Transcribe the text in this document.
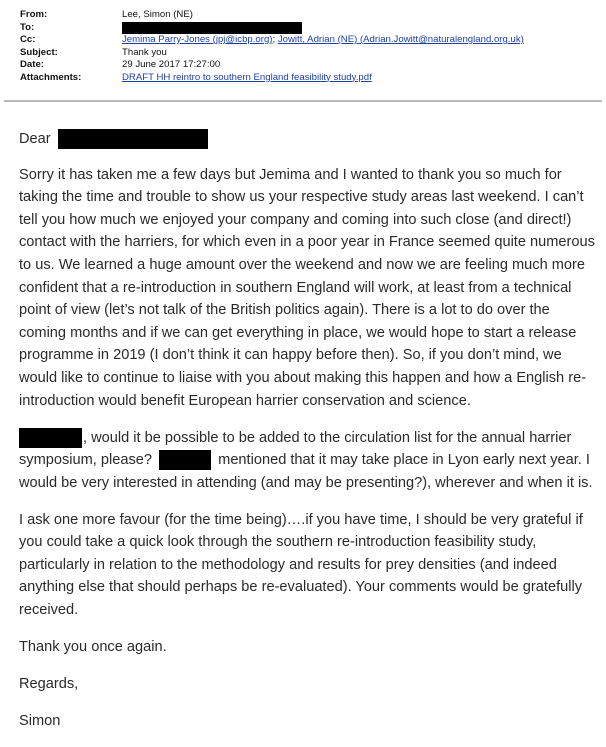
From:	Lee, Simon (NE)
To:
Cc:	Jemima Parry-Jones (jpj@icbp.org); Jowitt, Adrian (NE) (Adrian.Jowitt@naturalengland.org.uk)
Subject:	Thank you
Date:	29 June 2017 17:27:00
Attachments:	DRAFT HH reintro to southern England feasibility study.pdf

Dear

Sorry it has taken me a few days but Jemima and I wanted to thank you so much for taking the time and trouble to show us your respective study areas last weekend. I can’t tell you how much we enjoyed your company and coming into such close (and direct!) contact with the harriers, for which even in a poor year in France seemed quite numerous to us. We learned a huge amount over the weekend and now we are feeling much more confident that a re-introduction in southern England will work, at least from a technical point of view (let’s not talk of the British politics again). There is a lot to do over the coming months and if we can get everything in place, we would hope to start a release programme in 2019 (I don’t think it can happy before then). So, if you don’t mind, we would like to continue to liaise with you about making this happen and how a English re-introduction would benefit European harrier conservation and science.

, would it be possible to be added to the circulation list for the annual harrier symposium, please?	mentioned that it may take place in Lyon early next year. I would be very interested in attending (and may be presenting?), wherever and when it is.

I ask one more favour (for the time being)….if you have time, I should be very grateful if you could take a quick look through the southern re-introduction feasibility study, particularly in relation to the methodology and results for prey densities (and indeed anything else that should perhaps be re-evaluated). Your comments would be gratefully received.

Thank you once again.

Regards,

Simon
